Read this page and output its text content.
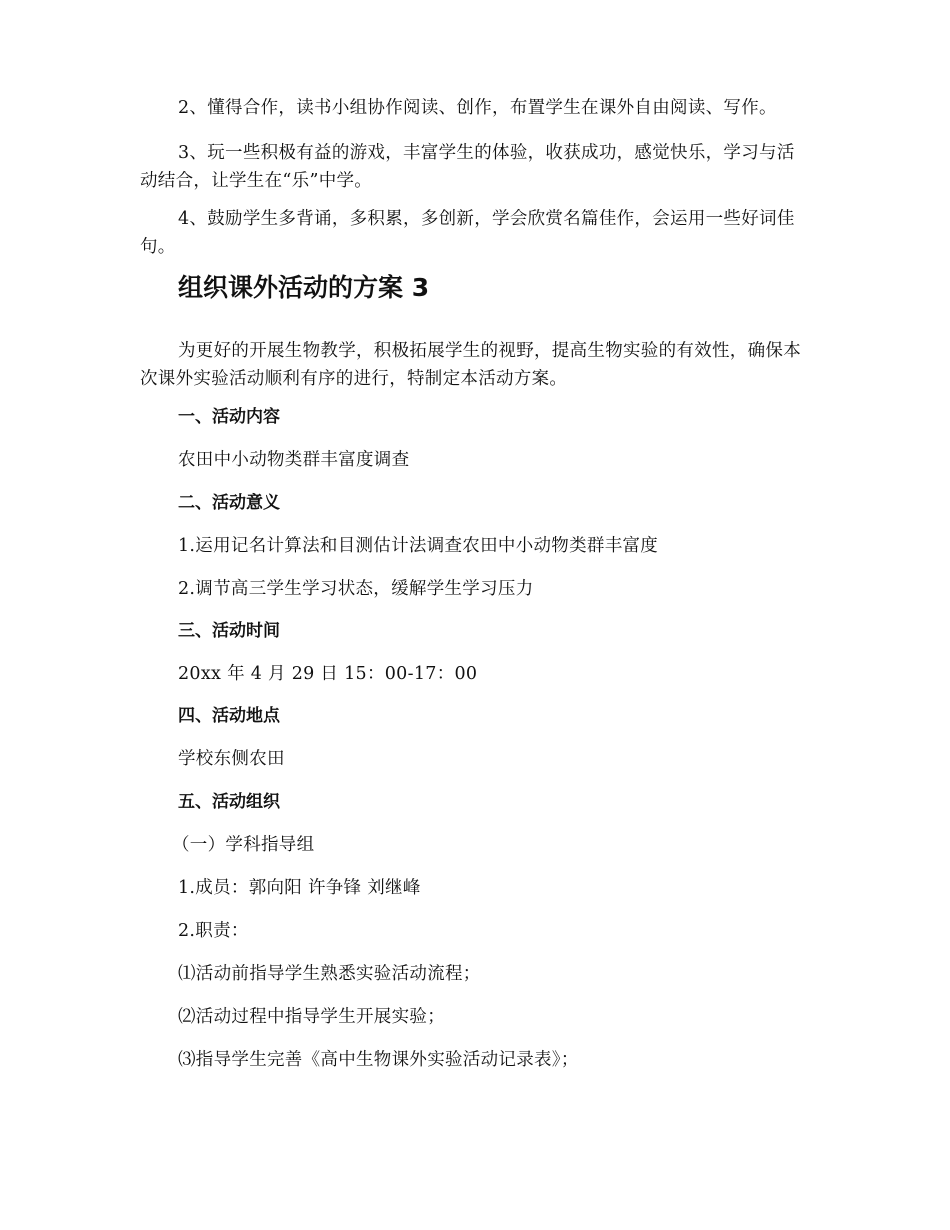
2、懂得合作，读书小组协作阅读、创作，布置学生在课外自由阅读、写作。

3、玩一些积极有益的游戏，丰富学生的体验，收获成功，感觉快乐，学习与活动结合，让学生在“乐”中学。

4、鼓励学生多背诵，多积累，多创新，学会欣赏名篇佳作，会运用一些好词佳句。

组织课外活动的方案 3

为更好的开展生物教学，积极拓展学生的视野，提高生物实验的有效性，确保本次课外实验活动顺利有序的进行，特制定本活动方案。

一、活动内容

农田中小动物类群丰富度调查

二、活动意义

1.运用记名计算法和目测估计法调查农田中小动物类群丰富度

2.调节高三学生学习状态，缓解学生学习压力

三、活动时间

20xx 年 4 月 29 日 15：00-17：00

四、活动地点

学校东侧农田

五、活动组织

（一）学科指导组

1.成员：郭向阳 许争锋 刘继峰

2.职责：

⑴活动前指导学生熟悉实验活动流程；

⑵活动过程中指导学生开展实验；

⑶指导学生完善《高中生物课外实验活动记录表》；
